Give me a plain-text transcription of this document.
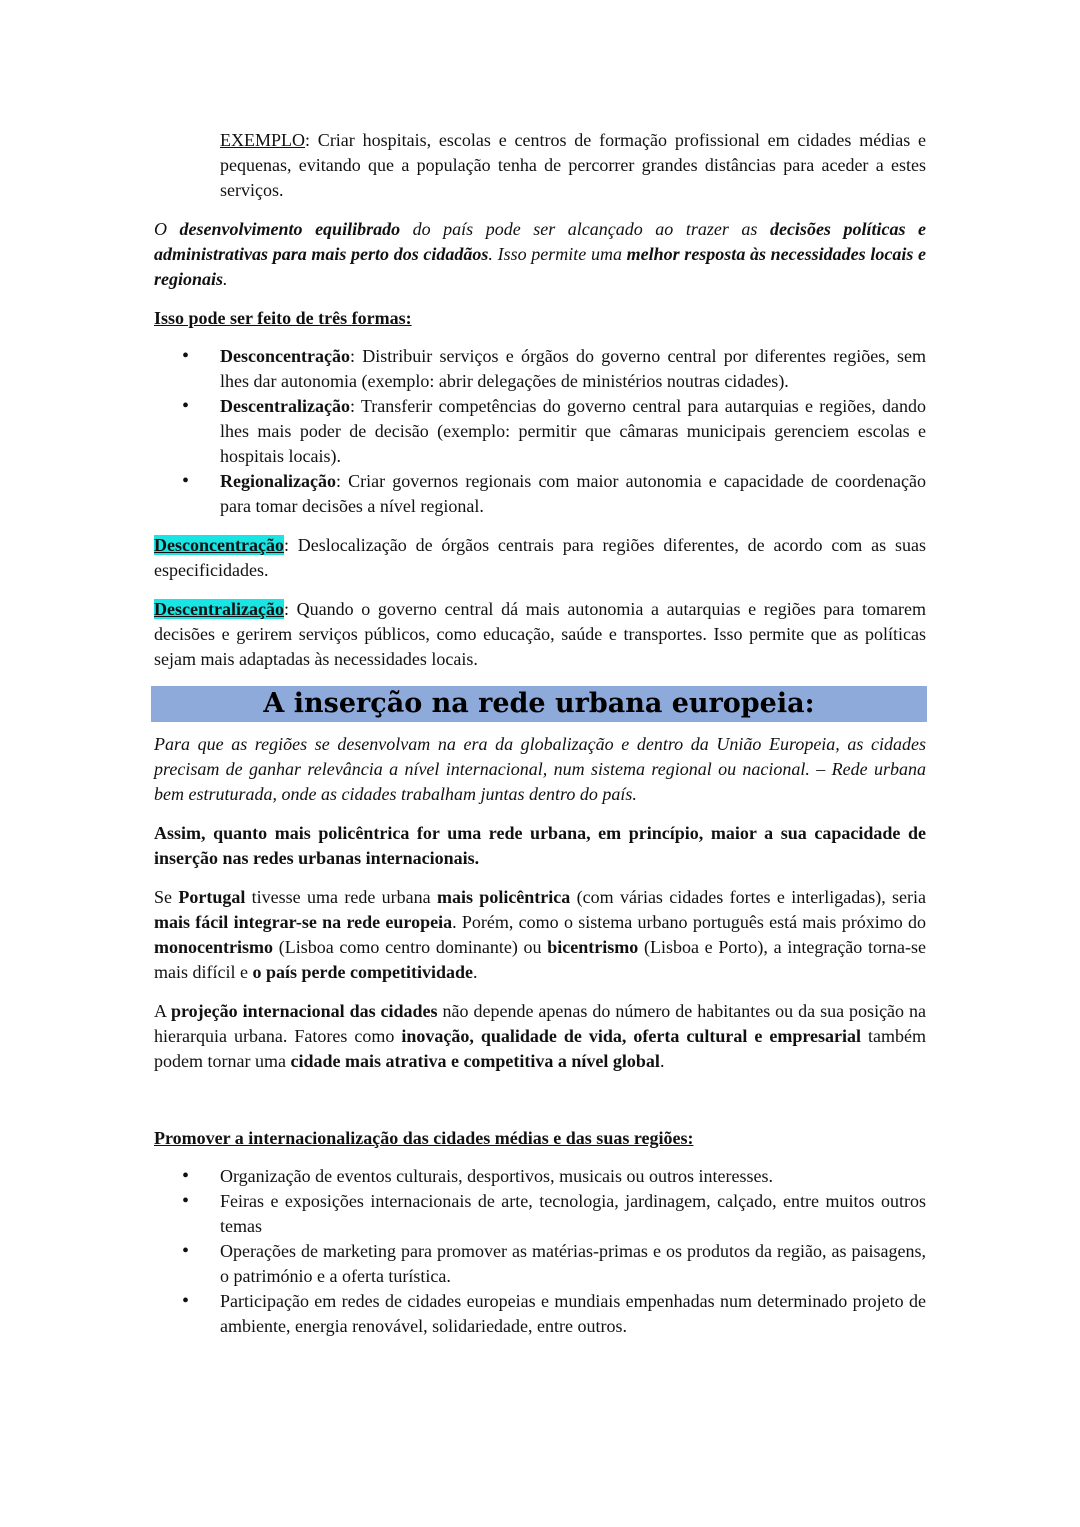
EXEMPLO: Criar hospitais, escolas e centros de formação profissional em cidades médias e pequenas, evitando que a população tenha de percorrer grandes distâncias para aceder a estes serviços.

O desenvolvimento equilibrado do país pode ser alcançado ao trazer as decisões políticas e administrativas para mais perto dos cidadãos. Isso permite uma melhor resposta às necessidades locais e regionais.

Isso pode ser feito de três formas:

• Desconcentração: Distribuir serviços e órgãos do governo central por diferentes regiões, sem lhes dar autonomia (exemplo: abrir delegações de ministérios noutras cidades).
• Descentralização: Transferir competências do governo central para autarquias e regiões, dando lhes mais poder de decisão (exemplo: permitir que câmaras municipais gerenciem escolas e hospitais locais).
• Regionalização: Criar governos regionais com maior autonomia e capacidade de coordenação para tomar decisões a nível regional.

Desconcentração: Deslocalização de órgãos centrais para regiões diferentes, de acordo com as suas especificidades.

Descentralização: Quando o governo central dá mais autonomia a autarquias e regiões para tomarem decisões e gerirem serviços públicos, como educação, saúde e transportes. Isso permite que as políticas sejam mais adaptadas às necessidades locais.

A inserção na rede urbana europeia:

Para que as regiões se desenvolvam na era da globalização e dentro da União Europeia, as cidades precisam de ganhar relevância a nível internacional, num sistema regional ou nacional. – Rede urbana bem estruturada, onde as cidades trabalham juntas dentro do país.

Assim, quanto mais policêntrica for uma rede urbana, em princípio, maior a sua capacidade de inserção nas redes urbanas internacionais.

Se Portugal tivesse uma rede urbana mais policêntrica (com várias cidades fortes e interligadas), seria mais fácil integrar-se na rede europeia. Porém, como o sistema urbano português está mais próximo do monocentrismo (Lisboa como centro dominante) ou bicentrismo (Lisboa e Porto), a integração torna-se mais difícil e o país perde competitividade.

A projeção internacional das cidades não depende apenas do número de habitantes ou da sua posição na hierarquia urbana. Fatores como inovação, qualidade de vida, oferta cultural e empresarial também podem tornar uma cidade mais atrativa e competitiva a nível global.

Promover a internacionalização das cidades médias e das suas regiões:

• Organização de eventos culturais, desportivos, musicais ou outros interesses.
• Feiras e exposições internacionais de arte, tecnologia, jardinagem, calçado, entre muitos outros temas
• Operações de marketing para promover as matérias-primas e os produtos da região, as paisagens, o património e a oferta turística.
• Participação em redes de cidades europeias e mundiais empenhadas num determinado projeto de ambiente, energia renovável, solidariedade, entre outros.
